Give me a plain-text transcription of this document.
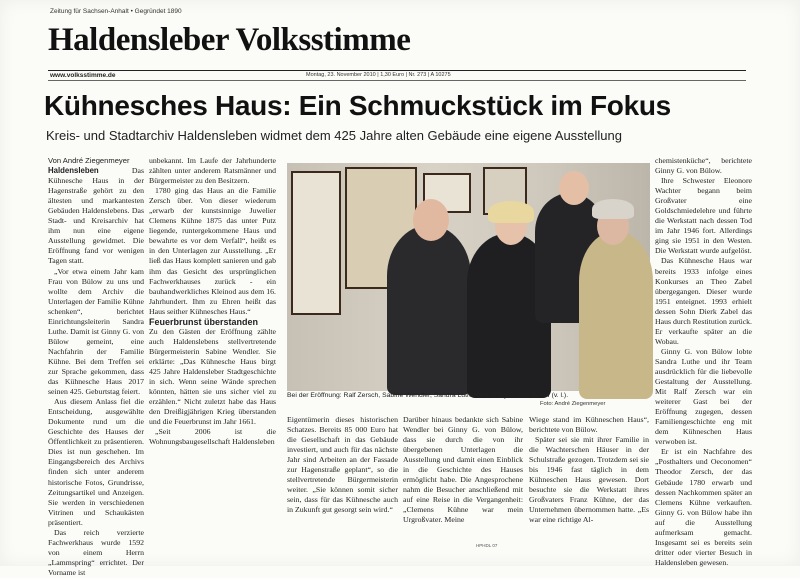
Zeitung für Sachsen-Anhalt • Gegründet 1890
Haldensleber Volksstimme
www.volksstimme.de	Montag, 23. November 2010 | 1,30 Euro | Nr. 273 | A 10275
Kühnesches Haus: Ein Schmuckstück im Fokus
Kreis- und Stadtarchiv Haldensleben widmet dem 425 Jahre alten Gebäude eine eigene Ausstellung

Von André Ziegenmeyer

Haldensleben	Das Kühnesche Haus in der Hagenstraße gehört zu den ältesten und markantesten Gebäuden Haldenslebens. Das Stadt- und Kreisarchiv hat ihm nun eine eigene Ausstellung gewidmet. Die Eröffnung fand vor wenigen Tagen statt.

„Vor etwa einem Jahr kam Frau von Bülow zu uns und wollte dem Archiv die Unterlagen der Familie Kühne schenken“, berichtet Einrichtungsleiterin Sandra Luthe. Damit ist Ginny G. von Bülow gemeint, eine Nachfahrin der Familie Kühne. Bei dem Treffen sei zur Sprache gekommen, dass das Kühnesche Haus 2017 seinen 425. Geburtstag feiert.

Aus diesem Anlass fiel die Entscheidung, ausgewählte Dokumente rund um die Geschichte des Hauses der Öffentlichkeit zu präsentieren. Dies ist nun geschehen. Im Eingangsbereich des Archivs finden sich unter anderem historische Fotos, Grundrisse, Zeitungsartikel und Anzeigen. Sie werden in verschiedenen Vitrinen und Schaukästen präsentiert.

Das reich verzierte Fachwerkhaus wurde 1592 von einem Herrn „Lammspring“ errichtet. Der Vorname ist

unbekannt. Im Laufe der Jahrhunderte zählten unter anderem Ratsmänner und Bürgermeister zu den Besitzern.

1780 ging das Haus an die Familie Zersch über. Von dieser wiederum „erwarb der kunstsinnige Juwelier Clemens Kühne 1875 das unter Putz liegende, runtergekommene Haus und bewahrte es vor dem Verfall“, heißt es in den Unterlagen zur Ausstellung. „Er ließ das Haus komplett sanieren und gab ihm das Gesicht des ursprünglichen Fachwerkhauses zurück - ein bauhandwerkliches Kleinod aus dem 16. Jahrhundert. Ihm zu Ehren heißt das Haus seither Kühnesches Haus.“

Feuerbrunst überstanden

Zu den Gästen der Eröffnung zählte auch Haldenslebens stellvertretende Bürgermeisterin Sabine Wendler. Sie erklärte: „Das Kühnesche Haus birgt 425 Jahre Haldensleber Stadtgeschichte in sich. Wenn seine Wände sprechen könnten, hätten sie uns sicher viel zu erzählen.“ Nicht zuletzt habe das Haus den Dreißigjährigen Krieg überstanden und die Feuerbrunst im Jahr 1661.

„Seit 2006 ist die Wohnungsbaugesellschaft Haldensleben

Bei der Eröffnung: Ralf Zersch, Sabine Wendler, Sandra Luthe und Ginny G. von Bülow (v. l.).
Foto: André Ziegenmeyer

Eigentümerin dieses historischen Schatzes. Bereits 85 000 Euro hat die Gesellschaft in das Gebäude investiert, und auch für das nächste Jahr sind Arbeiten an der Fassade zur Hagenstraße geplant“, so die stellvertretende Bürgermeisterin weiter. „Sie können somit sicher sein, dass für das Kühnesche auch in Zukunft gut gesorgt sein wird.“

Darüber hinaus bedankte sich Sabine Wendler bei Ginny G. von Bülow, dass sie durch die von ihr übergebenen Unterlagen die Ausstellung und damit einen Einblick in die Geschichte des Hauses ermöglicht habe. Die Angesprochene nahm die Besucher anschließend mit auf eine Reise in die Vergangenheit: „Clemens Kühne war mein Urgroßvater. Meine

Wiege stand im Kühneschen Haus“, berichtete von Bülow.

Später sei sie mit ihrer Familie in die Wachterschen Häuser in der Schulstraße gezogen. Trotzdem sei sie bis 1946 fast täglich in dem Kühneschen Haus gewesen. Dort besuchte sie die Werkstatt ihres Großvaters Franz Kühne, der das Unternehmen übernommen hatte. „Es war eine richtige Al-

chemistenküche“, berichtete Ginny G. von Bülow.

Ihre Schwester Eleonore Wachter begann beim Großvater eine Goldschmiedelehre und führte die Werkstatt nach dessen Tod im Jahr 1946 fort. Allerdings ging sie 1951 in den Westen. Die Werkstatt wurde aufgelöst.

Das Kühnesche Haus war bereits 1933 infolge eines Konkurses an Theo Zabel übergegangen. Dieser wurde 1951 enteignet. 1993 erhielt dessen Sohn Dierk Zabel das Haus durch Restitution zurück. Er verkaufte später an die Wobau.

Ginny G. von Bülow lobte Sandra Luthe und ihr Team ausdrücklich für die liebevolle Gestaltung der Ausstellung. Mit Ralf Zersch war ein weiterer Gast bei der Eröffnung zugegen, dessen Familiengeschichte eng mit dem Kühneschen Haus verwoben ist.

Er ist ein Nachfahre des „Posthalters und Oeconomen“ Theodor Zersch, der das Gebäude 1780 erwarb und dessen Nachkommen später an Clemens Kühne verkauften. Ginny G. von Bülow habe ihn auf die Ausstellung aufmerksam gemacht. Insgesamt sei es bereits sein dritter oder vierter Besuch in Haldensleben gewesen.

HPHDL 07
